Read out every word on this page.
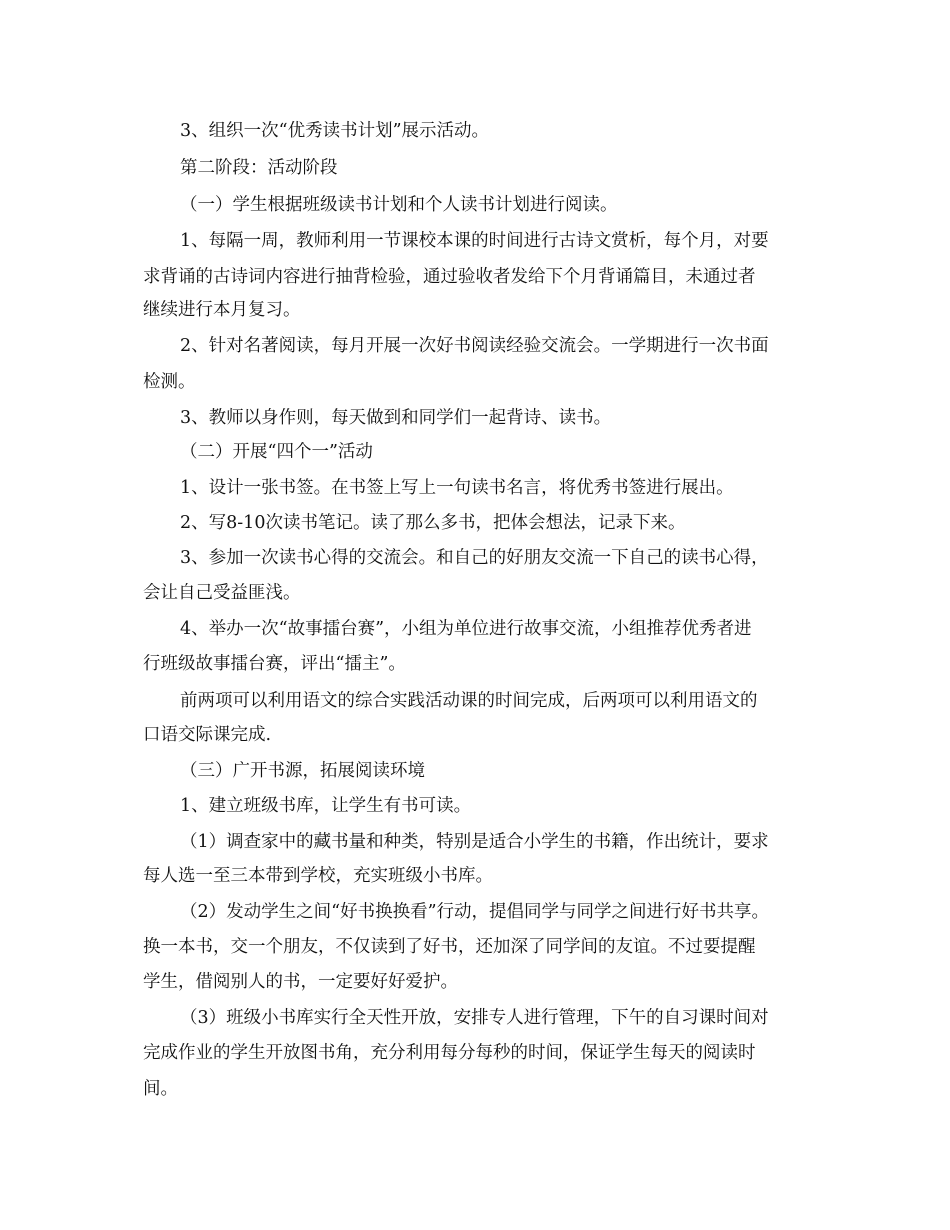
3、组织一次“优秀读书计划”展示活动。
第二阶段：活动阶段
（一）学生根据班级读书计划和个人读书计划进行阅读。
1、每隔一周，教师利用一节课校本课的时间进行古诗文赏析，每个月，对要
求背诵的古诗词内容进行抽背检验，通过验收者发给下个月背诵篇目，未通过者
继续进行本月复习。
2、针对名著阅读，每月开展一次好书阅读经验交流会。一学期进行一次书面
检测。
3、教师以身作则，每天做到和同学们一起背诗、读书。
（二）开展“四个一”活动
1、设计一张书签。在书签上写上一句读书名言，将优秀书签进行展出。
2、写8-10次读书笔记。读了那么多书，把体会想法，记录下来。
3、参加一次读书心得的交流会。和自己的好朋友交流一下自己的读书心得，
会让自己受益匪浅。
4、举办一次“故事擂台赛”，小组为单位进行故事交流，小组推荐优秀者进
行班级故事擂台赛，评出“擂主”。
前两项可以利用语文的综合实践活动课的时间完成，后两项可以利用语文的
口语交际课完成.
（三）广开书源，拓展阅读环境
1、建立班级书库，让学生有书可读。
（1）调查家中的藏书量和种类，特别是适合小学生的书籍，作出统计，要求
每人选一至三本带到学校，充实班级小书库。
（2）发动学生之间“好书换换看”行动，提倡同学与同学之间进行好书共享。
换一本书，交一个朋友，不仅读到了好书，还加深了同学间的友谊。不过要提醒
学生，借阅别人的书，一定要好好爱护。
（3）班级小书库实行全天性开放，安排专人进行管理，下午的自习课时间对
完成作业的学生开放图书角，充分利用每分每秒的时间，保证学生每天的阅读时
间。
